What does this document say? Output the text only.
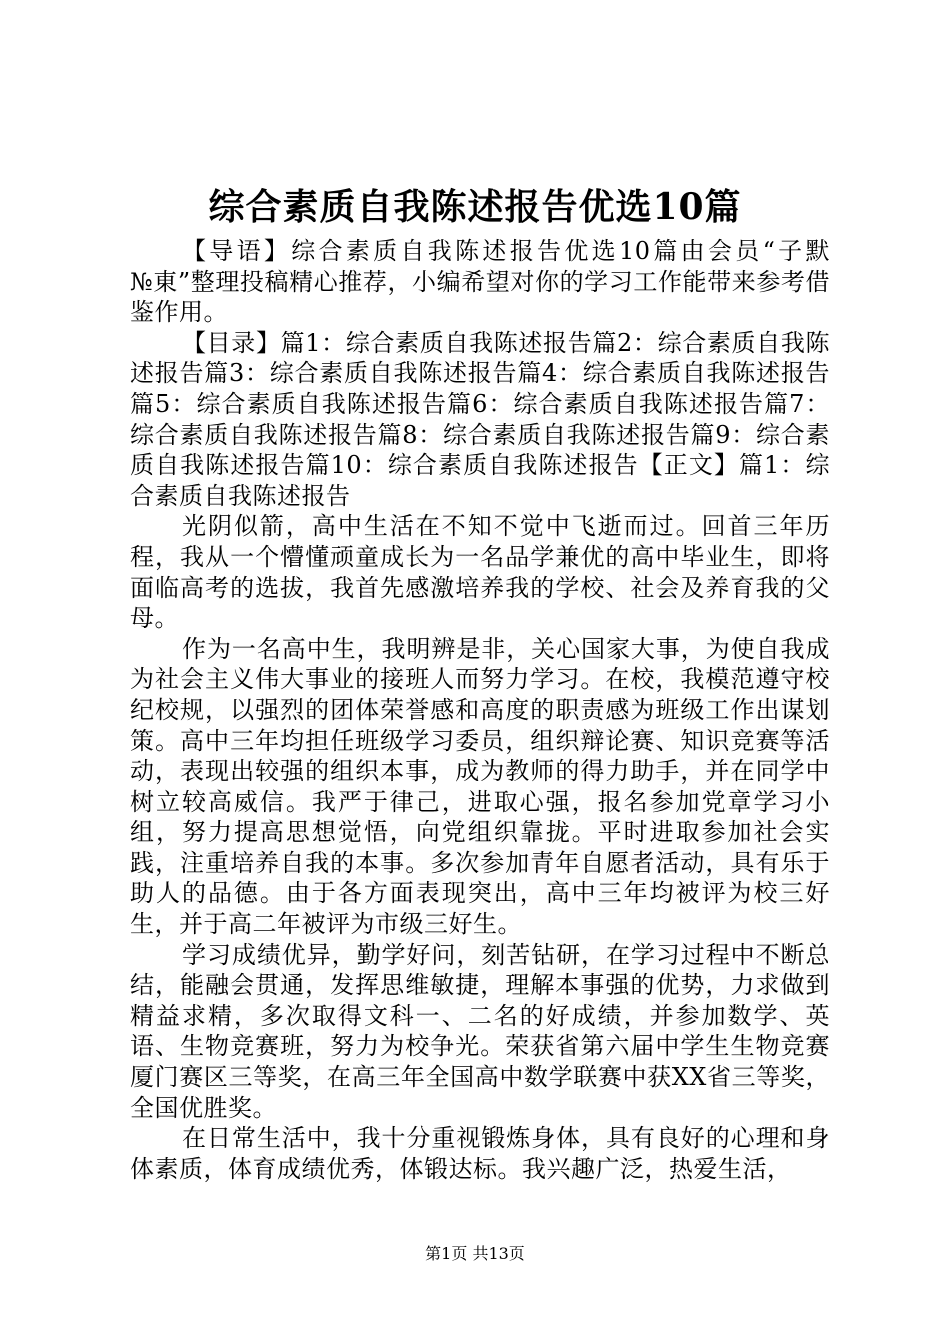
综合素质自我陈述报告优选10篇

【导语】综合素质自我陈述报告优选10篇由会员“子默№東”整理投稿精心推荐，小编希望对你的学习工作能带来参考借鉴作用。

【目录】篇1：综合素质自我陈述报告篇2：综合素质自我陈述报告篇3：综合素质自我陈述报告篇4：综合素质自我陈述报告篇5：综合素质自我陈述报告篇6：综合素质自我陈述报告篇7：综合素质自我陈述报告篇8：综合素质自我陈述报告篇9：综合素质自我陈述报告篇10：综合素质自我陈述报告【正文】篇1：综合素质自我陈述报告

光阴似箭，高中生活在不知不觉中飞逝而过。回首三年历程，我从一个懵懂顽童成长为一名品学兼优的高中毕业生，即将面临高考的选拔，我首先感激培养我的学校、社会及养育我的父母。

作为一名高中生，我明辨是非，关心国家大事，为使自我成为社会主义伟大事业的接班人而努力学习。在校，我模范遵守校纪校规，以强烈的团体荣誉感和高度的职责感为班级工作出谋划策。高中三年均担任班级学习委员，组织辩论赛、知识竞赛等活动，表现出较强的组织本事，成为教师的得力助手，并在同学中树立较高威信。我严于律己，进取心强，报名参加党章学习小组，努力提高思想觉悟，向党组织靠拢。平时进取参加社会实践，注重培养自我的本事。多次参加青年自愿者活动，具有乐于助人的品德。由于各方面表现突出，高中三年均被评为校三好生，并于高二年被评为市级三好生。

学习成绩优异，勤学好问，刻苦钻研，在学习过程中不断总结，能融会贯通，发挥思维敏捷，理解本事强的优势，力求做到精益求精，多次取得文科一、二名的好成绩，并参加数学、英语、生物竞赛班，努力为校争光。荣获省第六届中学生生物竞赛厦门赛区三等奖，在高三年全国高中数学联赛中获XX省三等奖，全国优胜奖。

在日常生活中，我十分重视锻炼身体，具有良好的心理和身体素质，体育成绩优秀，体锻达标。我兴趣广泛，热爱生活，

第1页 共13页
